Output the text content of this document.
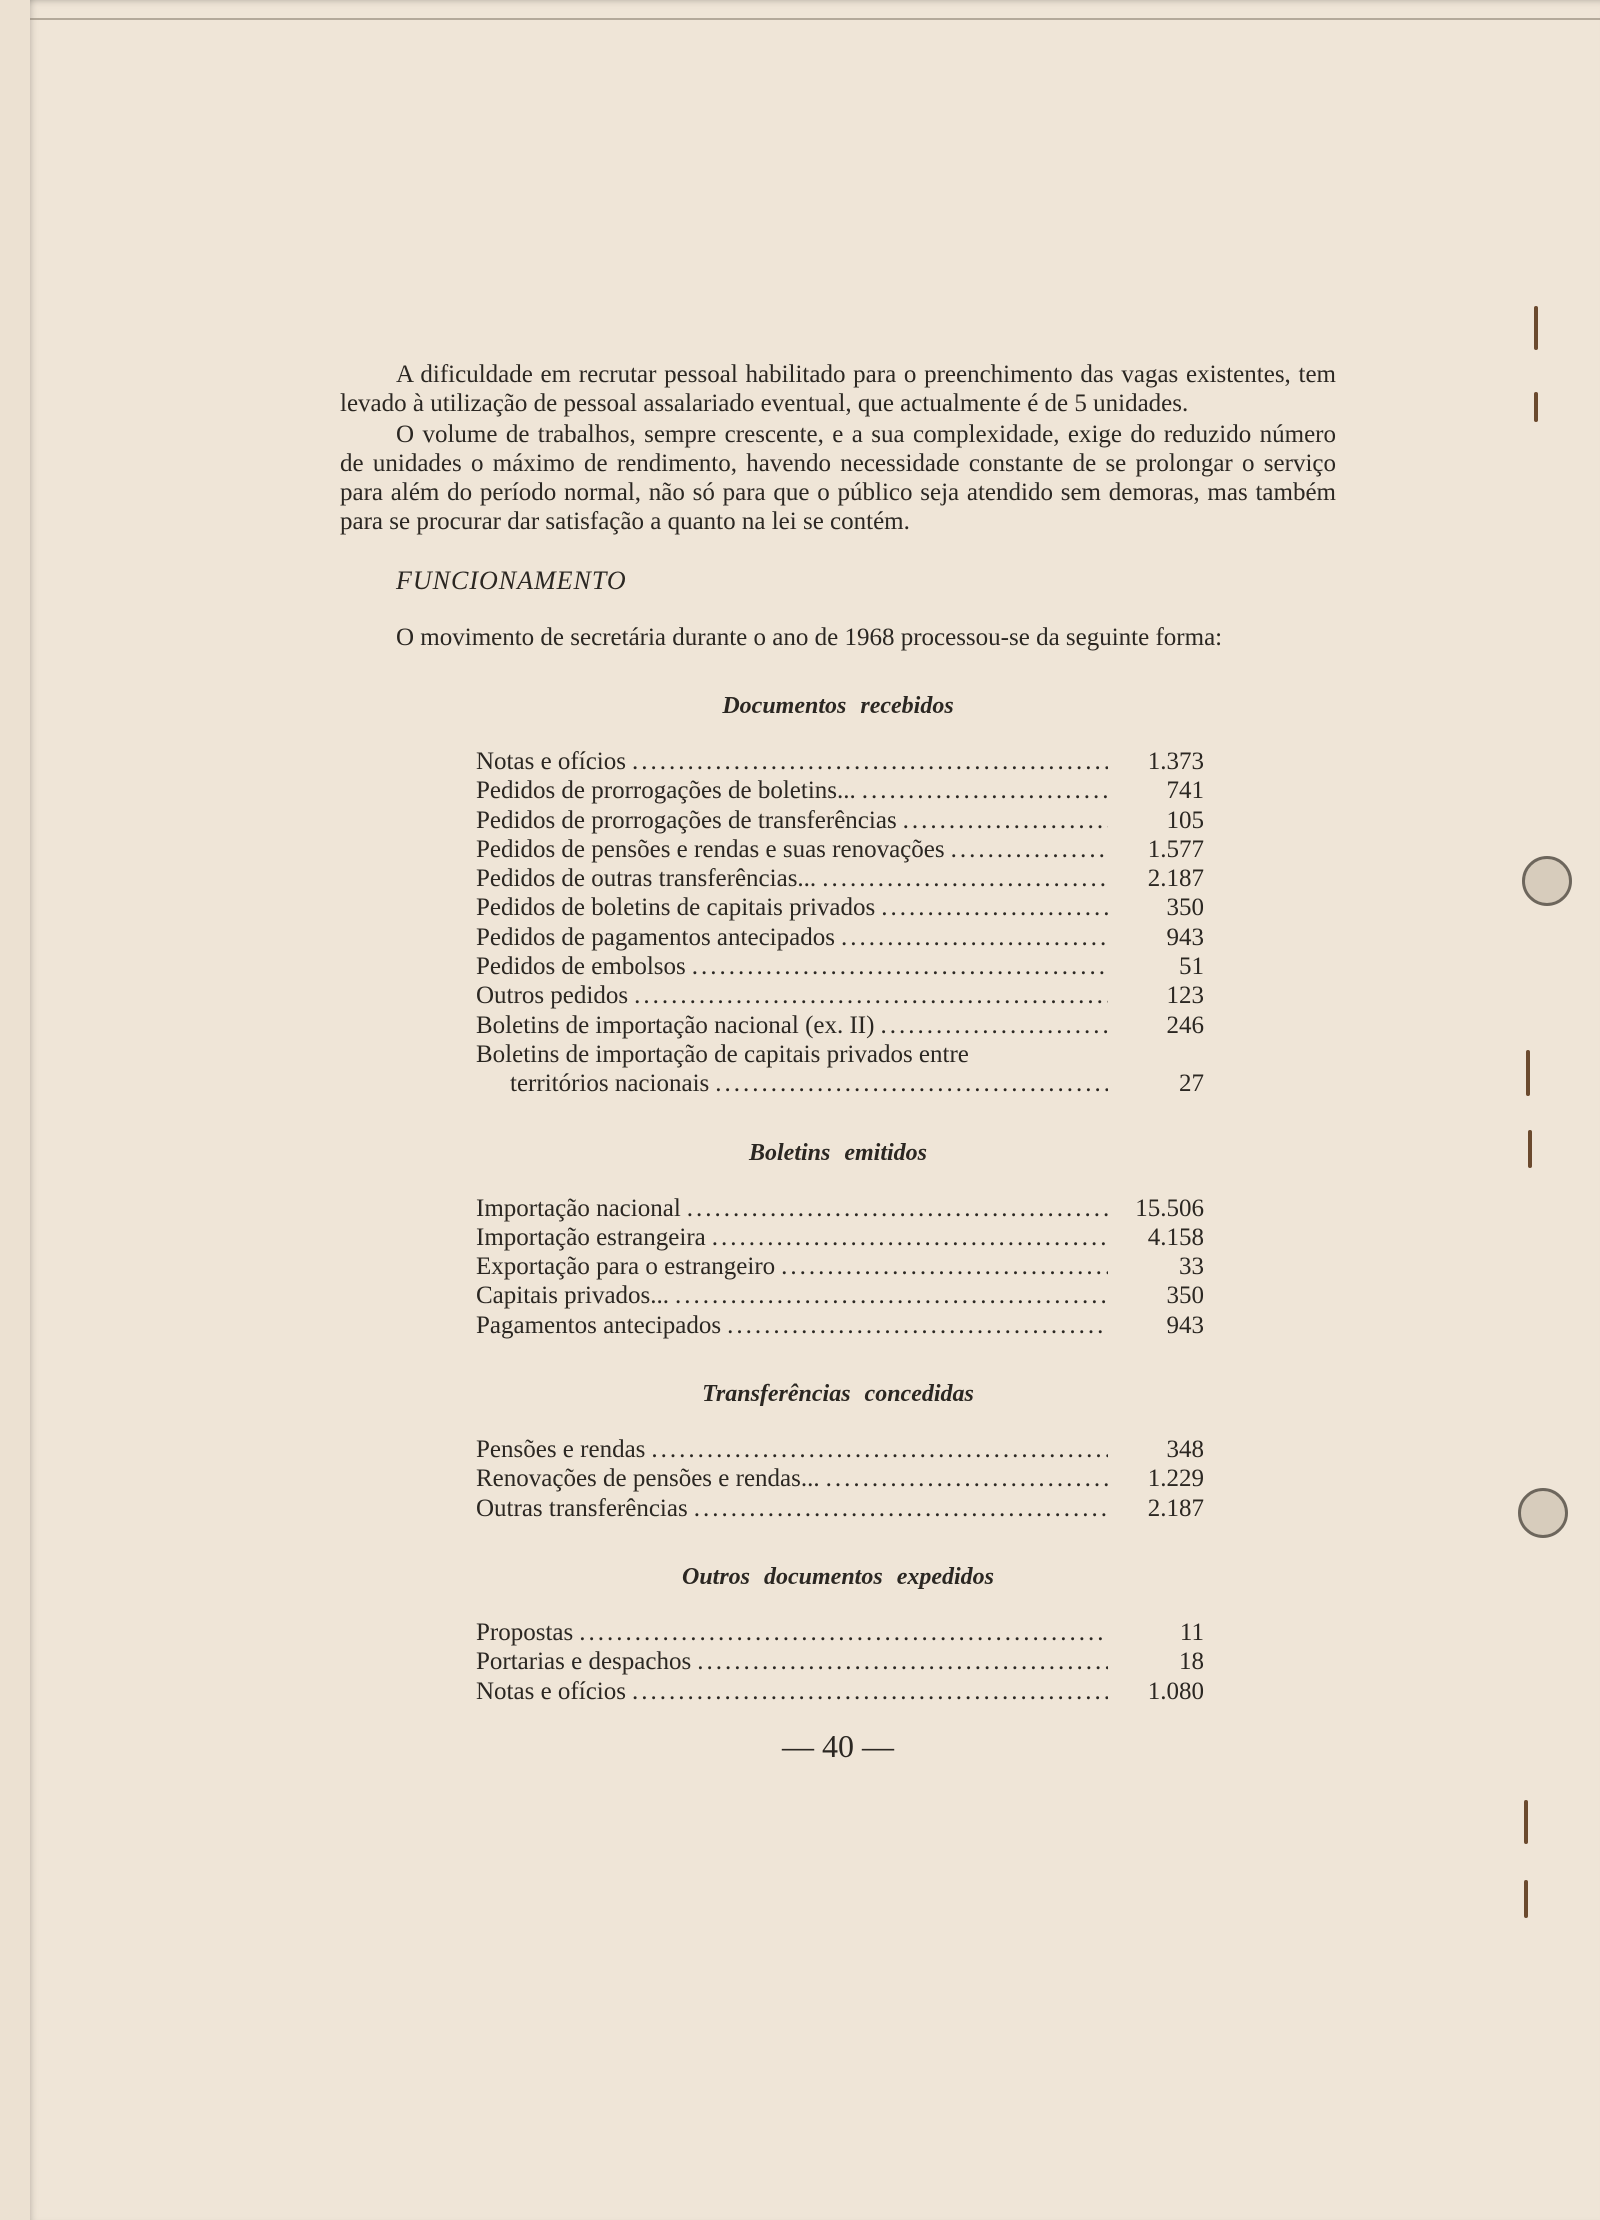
A dificuldade em recrutar pessoal habilitado para o preenchimento das vagas existentes, tem levado à utilização de pessoal assalariado eventual, que actualmente é de 5 unidades.

O volume de trabalhos, sempre crescente, e a sua complexidade, exige do reduzido número de unidades o máximo de rendimento, havendo necessidade constante de se prolongar o serviço para além do período normal, não só para que o público seja atendido sem demoras, mas também para se procurar dar satisfação a quanto na lei se contém.

FUNCIONAMENTO

O movimento de secretária durante o ano de 1968 processou-se da seguinte forma:

Documentos recebidos
Notas e ofícios .....	1.373
Pedidos de prorrogações de boletins... .....	741
Pedidos de prorrogações de transferências .....	105
Pedidos de pensões e rendas e suas renovações .....	1.577
Pedidos de outras transferências... .....	2.187
Pedidos de boletins de capitais privados .....	350
Pedidos de pagamentos antecipados .....	943
Pedidos de embolsos .....	51
Outros pedidos .....	123
Boletins de importação nacional (ex. II) .....	246
Boletins de importação de capitais privados entre
territórios nacionais .....	27
Boletins emitidos
Importação nacional .....	15.506
Importação estrangeira .....	4.158
Exportação para o estrangeiro .....	33
Capitais privados... .....	350
Pagamentos antecipados .....	943
Transferências concedidas
Pensões e rendas .....	348
Renovações de pensões e rendas... .....	1.229
Outras transferências .....	2.187
Outros documentos expedidos
Propostas .....	11
Portarias e despachos .....	18
Notas e ofícios .....	1.080
— 40 —
